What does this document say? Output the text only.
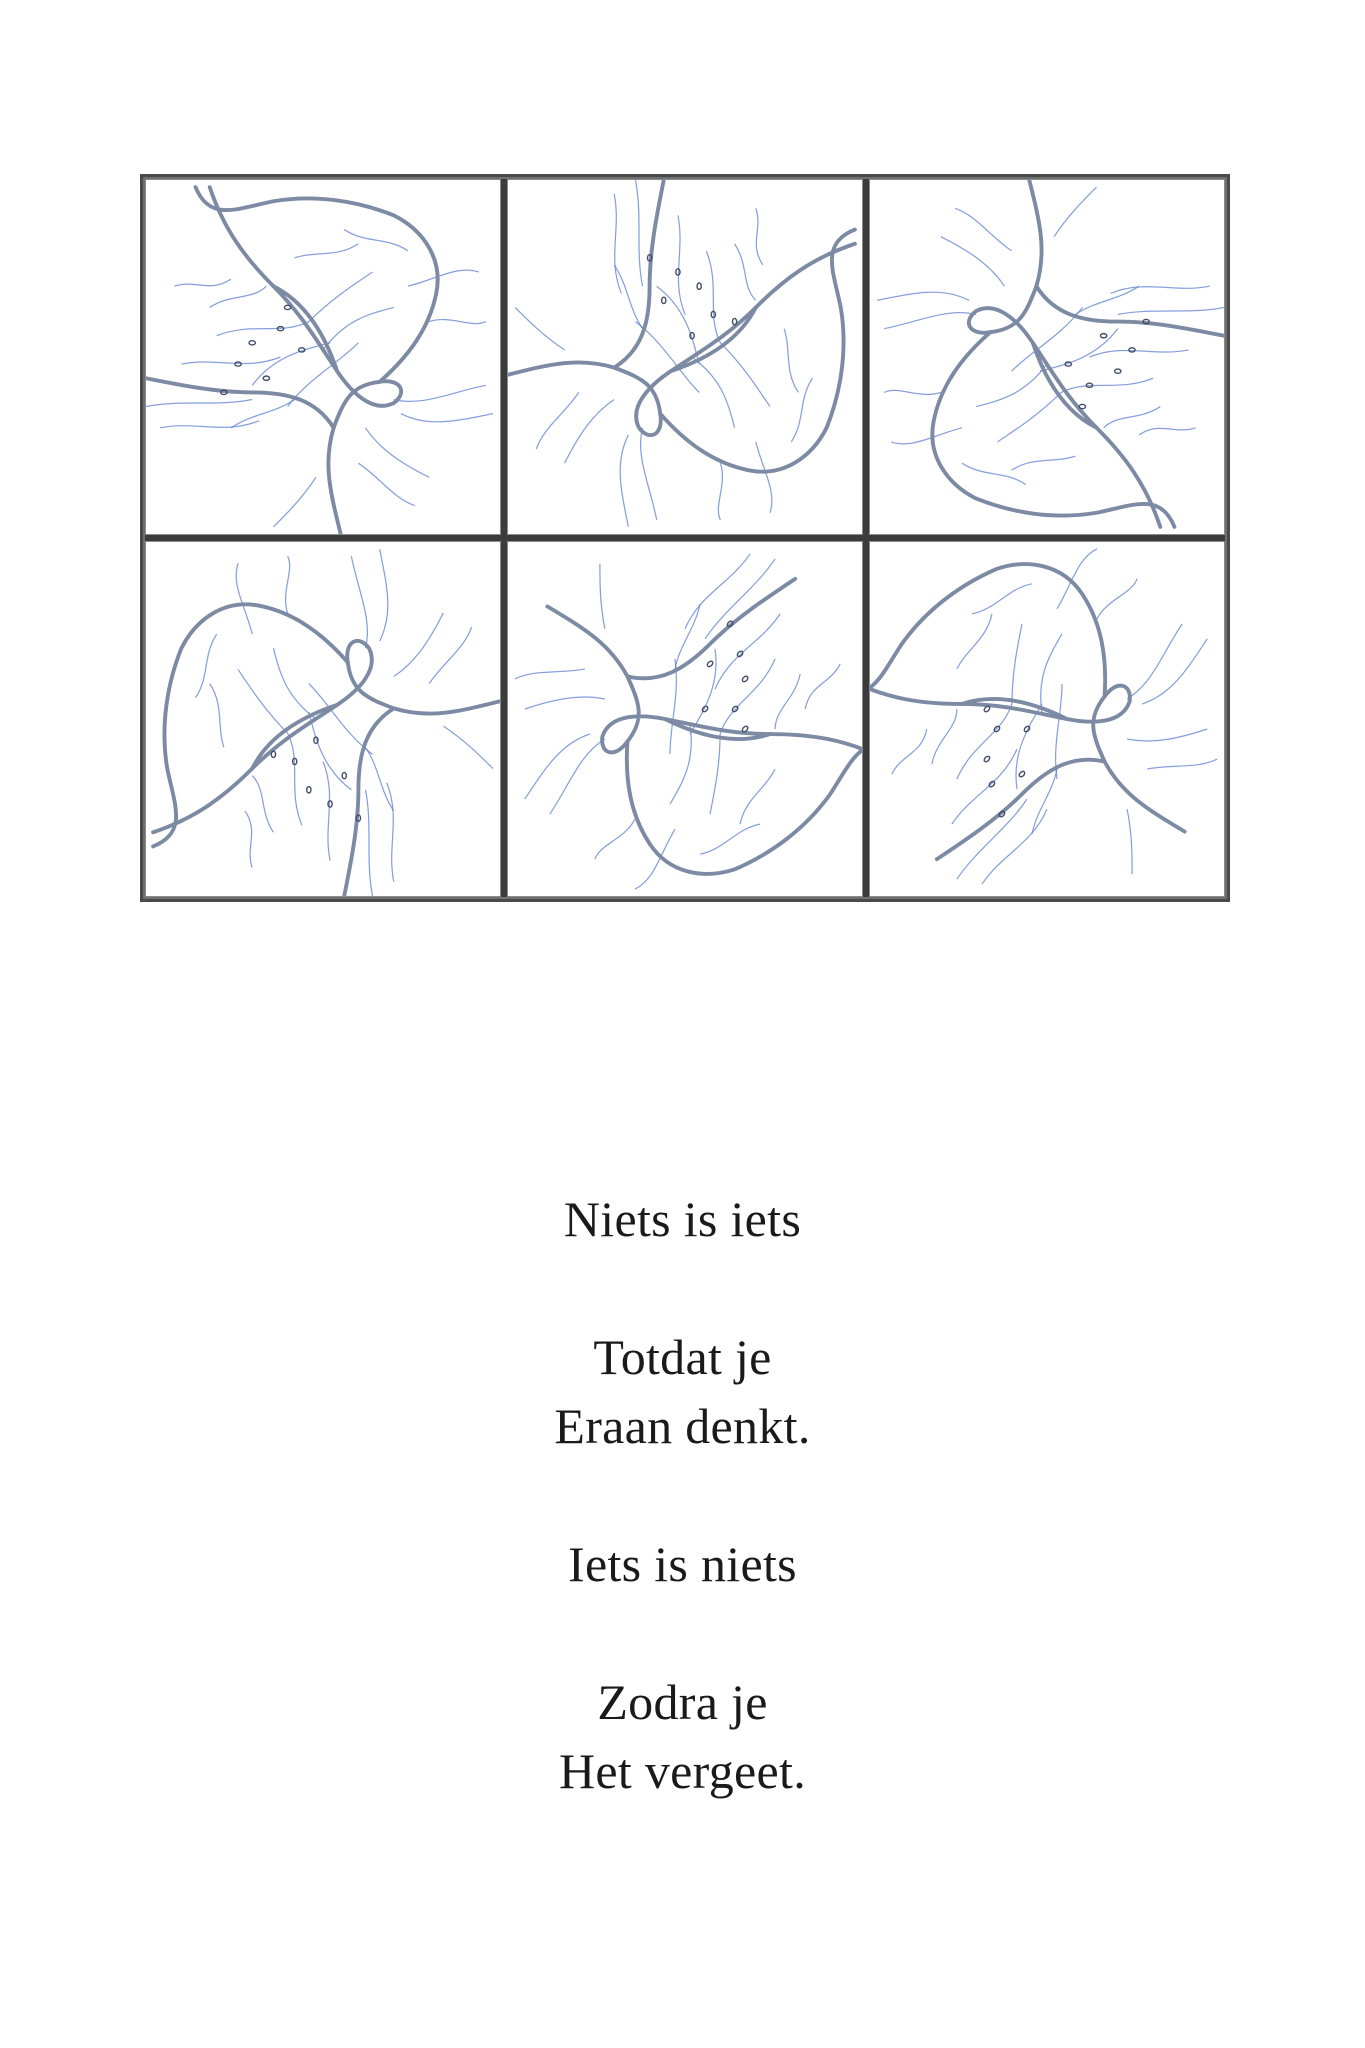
Niets is iets
Totdat je
Eraan denkt.
Iets is niets
Zodra je
Het vergeet.
